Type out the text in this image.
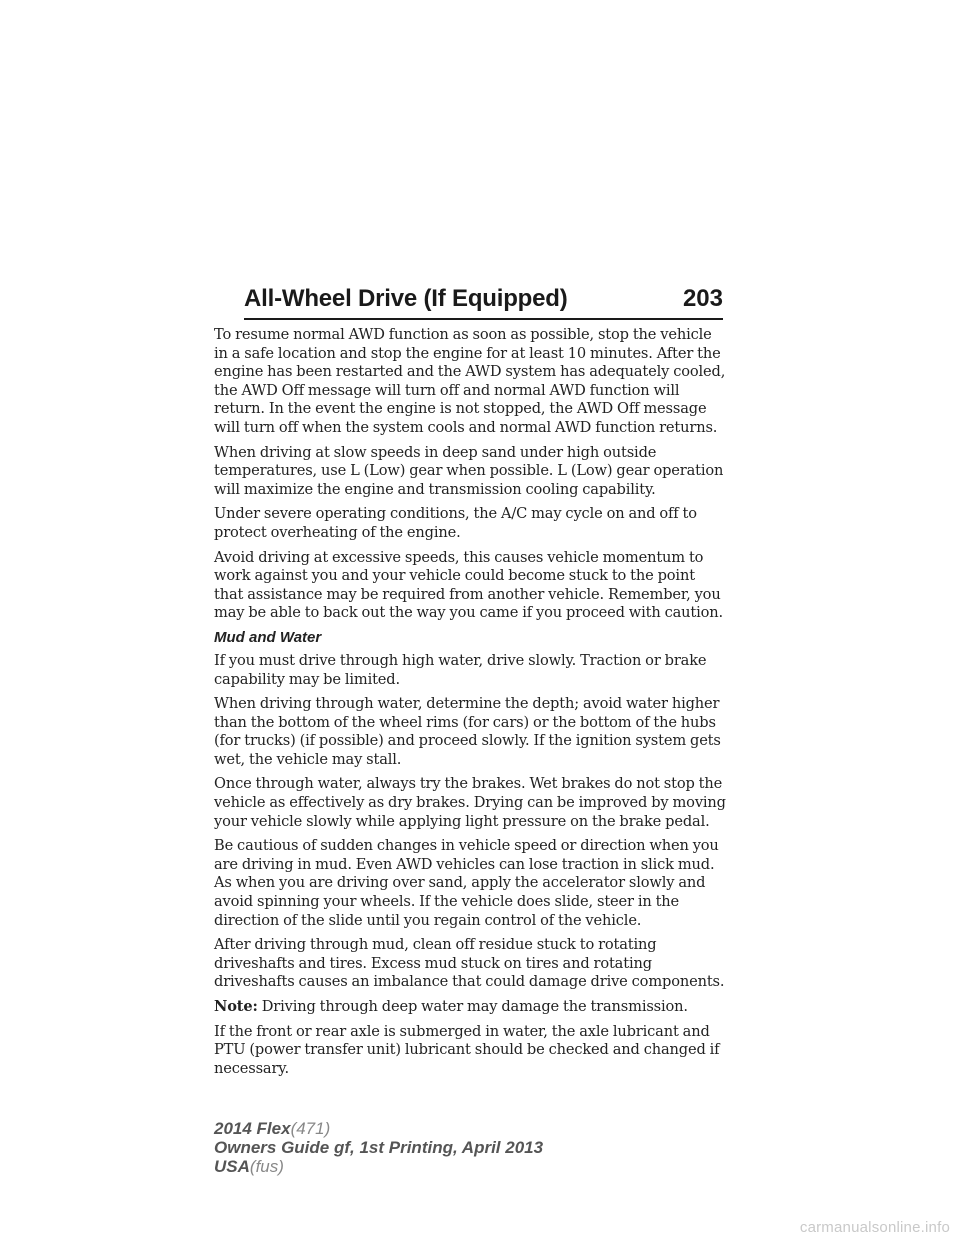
All-Wheel Drive (If Equipped)	203

To resume normal AWD function as soon as possible, stop the vehicle in a safe location and stop the engine for at least 10 minutes. After the engine has been restarted and the AWD system has adequately cooled, the AWD Off message will turn off and normal AWD function will return. In the event the engine is not stopped, the AWD Off message will turn off when the system cools and normal AWD function returns.

When driving at slow speeds in deep sand under high outside temperatures, use L (Low) gear when possible. L (Low) gear operation will maximize the engine and transmission cooling capability.

Under severe operating conditions, the A/C may cycle on and off to protect overheating of the engine.

Avoid driving at excessive speeds, this causes vehicle momentum to work against you and your vehicle could become stuck to the point that assistance may be required from another vehicle. Remember, you may be able to back out the way you came if you proceed with caution.

Mud and Water

If you must drive through high water, drive slowly. Traction or brake capability may be limited.

When driving through water, determine the depth; avoid water higher than the bottom of the wheel rims (for cars) or the bottom of the hubs (for trucks) (if possible) and proceed slowly. If the ignition system gets wet, the vehicle may stall.

Once through water, always try the brakes. Wet brakes do not stop the vehicle as effectively as dry brakes. Drying can be improved by moving your vehicle slowly while applying light pressure on the brake pedal.

Be cautious of sudden changes in vehicle speed or direction when you are driving in mud. Even AWD vehicles can lose traction in slick mud. As when you are driving over sand, apply the accelerator slowly and avoid spinning your wheels. If the vehicle does slide, steer in the direction of the slide until you regain control of the vehicle.

After driving through mud, clean off residue stuck to rotating driveshafts and tires. Excess mud stuck on tires and rotating driveshafts causes an imbalance that could damage drive components.

Note: Driving through deep water may damage the transmission.

If the front or rear axle is submerged in water, the axle lubricant and PTU (power transfer unit) lubricant should be checked and changed if necessary.

2014 Flex(471)
Owners Guide gf, 1st Printing, April 2013
USA(fus)
carmanualsonline.info
